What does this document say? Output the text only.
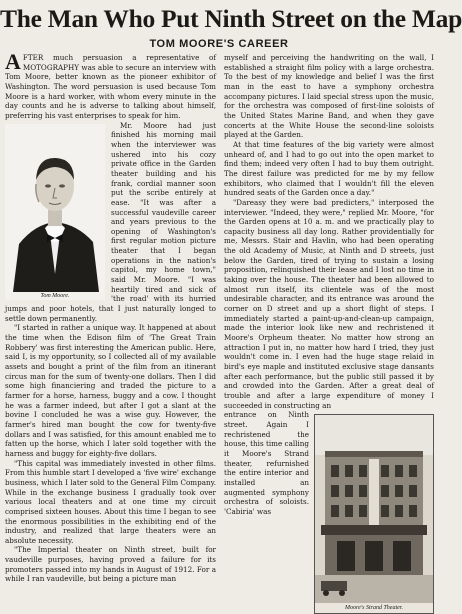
The Man Who Put Ninth Street on the Map
TOM MOORE'S CAREER

AFTER much persuasion a representative of MOTOGRAPHY was able to secure an interview with Tom Moore, better known as the pioneer exhibitor of Washington. The word persuasion is used because Tom Moore is a hard worker, with whom every minute in the day counts and he is adverse to talking about himself, preferring his vast enterprises to speak for him.

Tom Moore.

Mr. Moore had just finished his morning mail when the interviewer was ushered into his cozy private office in the Garden theater building and his frank, cordial manner soon put the scribe entirely at ease. "It was after a successful vaudeville career and years previous to the opening of Washington's first regular motion picture theater that I began operations in the nation's capitol, my home town," said Mr. Moore. "I was heartily tired and sick of 'the road' with its hurried jumps and poor hotels, that I just naturally longed to settle down permanently.

"I started in rather a unique way. It happened at about the time when the Edison film of 'The Great Train Robbery' was first interesting the American public. Here, said I, is my opportunity, so I collected all of my available assets and bought a print of the film from an itinerant circus man for the sum of twenty-one dollars. Then I did some high financiering and traded the picture to a farmer for a horse, harness, buggy and a cow. I thought he was a farmer indeed, but after I got a slant at the bovine I concluded he was a wise guy. However, the farmer's hired man bought the cow for twenty-five dollars and I was satisfied, for this amount enabled me to fatten up the horse, which I later sold together with the harness and buggy for eighty-five dollars.

"This capital was immediately invested in other films. From this humble start I developed a 'five wire' exchange business, which I later sold to the General Film Company. While in the exchange business I gradually took over various local theaters and at one time my circuit comprised sixteen houses. About this time I began to see the enormous possibilities in the exhibiting end of the industry, and realized that large theaters were an absolute necessity.

"The Imperial theater on Ninth street, built for vaudeville purposes, having proved a failure for its promoters passed into my hands in August of 1912. For a while I ran vaudeville, but being a picture man

myself and perceiving the handwriting on the wall, I established a straight film policy with a large orchestra. To the best of my knowledge and belief I was the first man in the east to have a symphony orchestra accompany pictures. I laid special stress upon the music, for the orchestra was composed of first-line soloists of the United States Marine Band, and when they gave concerts at the White House the second-line soloists played at the Garden.

At that time features of the big variety were almost unheard of, and I had to go out into the open market to find them; indeed very often I had to buy them outright. The direst failure was predicted for me by my fellow exhibitors, who claimed that I wouldn't fill the eleven hundred seats of the Garden once a day."

"Dareasy they were bad predicters," interposed the interviewer. "Indeed, they were," replied Mr. Moore, "for the Garden opens at 10 a. m. and we practically play to capacity business all day long. Rather providentially for me, Messrs. Stair and Havlin, who had been operating the old Academy of Music, at Ninth and D streets, just below the Garden, tired of trying to sustain a losing proposition, relinquished their lease and I lost no time in taking over the house. The theater had been allowed to almost run itself, its clientele was of the most undesirable character, and its entrance was around the corner on D street and up a short flight of steps. I immediately started a paint-up-and-clean-up campaign, made the interior look like new and rechristened it Moore's Orpheum theater. No matter how strong an attraction I put in, no matter how hard I tried, they just wouldn't come in. I even had the huge stage relaid in bird's eye maple and instituted exclusive stage dansants after each performance, but the public still passed it by and crowded into the Garden. After a great deal of trouble and after a large expenditure of money I succeeded in constructing an

Moore's Strand Theater.

entrance on Ninth street. Again I rechristened the house, this time calling it Moore's Strand theater, refurnished the entire interior and installed an augmented symphony orchestra of soloists. 'Cabiria' was
